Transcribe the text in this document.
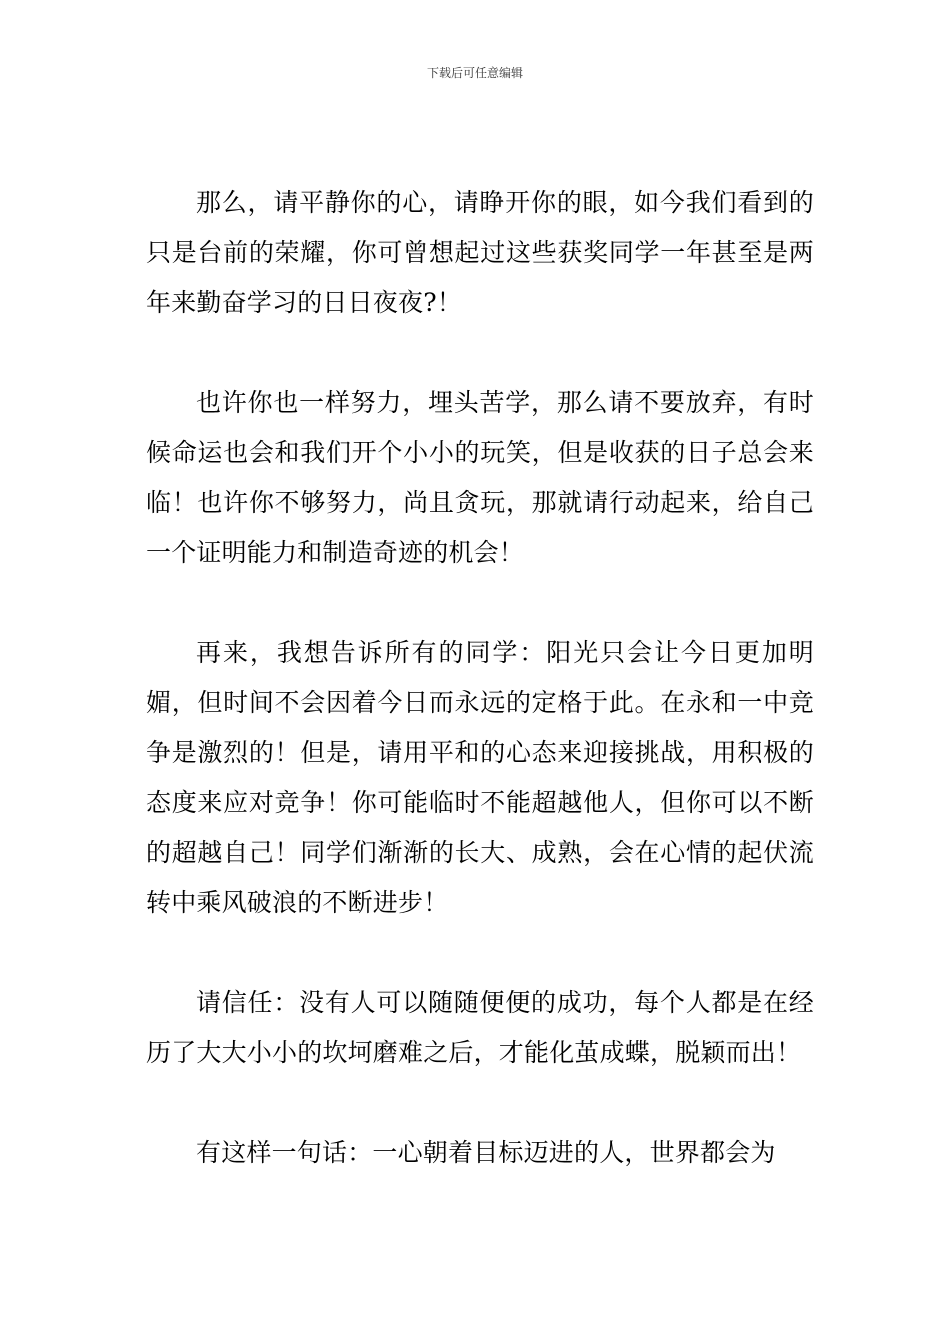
下载后可任意编辑

那么，请平静你的心，请睁开你的眼，如今我们看到的只是台前的荣耀，你可曾想起过这些获奖同学一年甚至是两年来勤奋学习的日日夜夜?！

也许你也一样努力，埋头苦学，那么请不要放弃，有时候命运也会和我们开个小小的玩笑，但是收获的日子总会来临！也许你不够努力，尚且贪玩，那就请行动起来，给自己一个证明能力和制造奇迹的机会！

再来，我想告诉所有的同学：阳光只会让今日更加明媚，但时间不会因着今日而永远的定格于此。在永和一中竞争是激烈的！但是，请用平和的心态来迎接挑战，用积极的态度来应对竞争！你可能临时不能超越他人，但你可以不断的超越自己！同学们渐渐的长大、成熟，会在心情的起伏流转中乘风破浪的不断进步！

请信任：没有人可以随随便便的成功，每个人都是在经历了大大小小的坎坷磨难之后，才能化茧成蝶，脱颖而出！

有这样一句话：一心朝着目标迈进的人，世界都会为
